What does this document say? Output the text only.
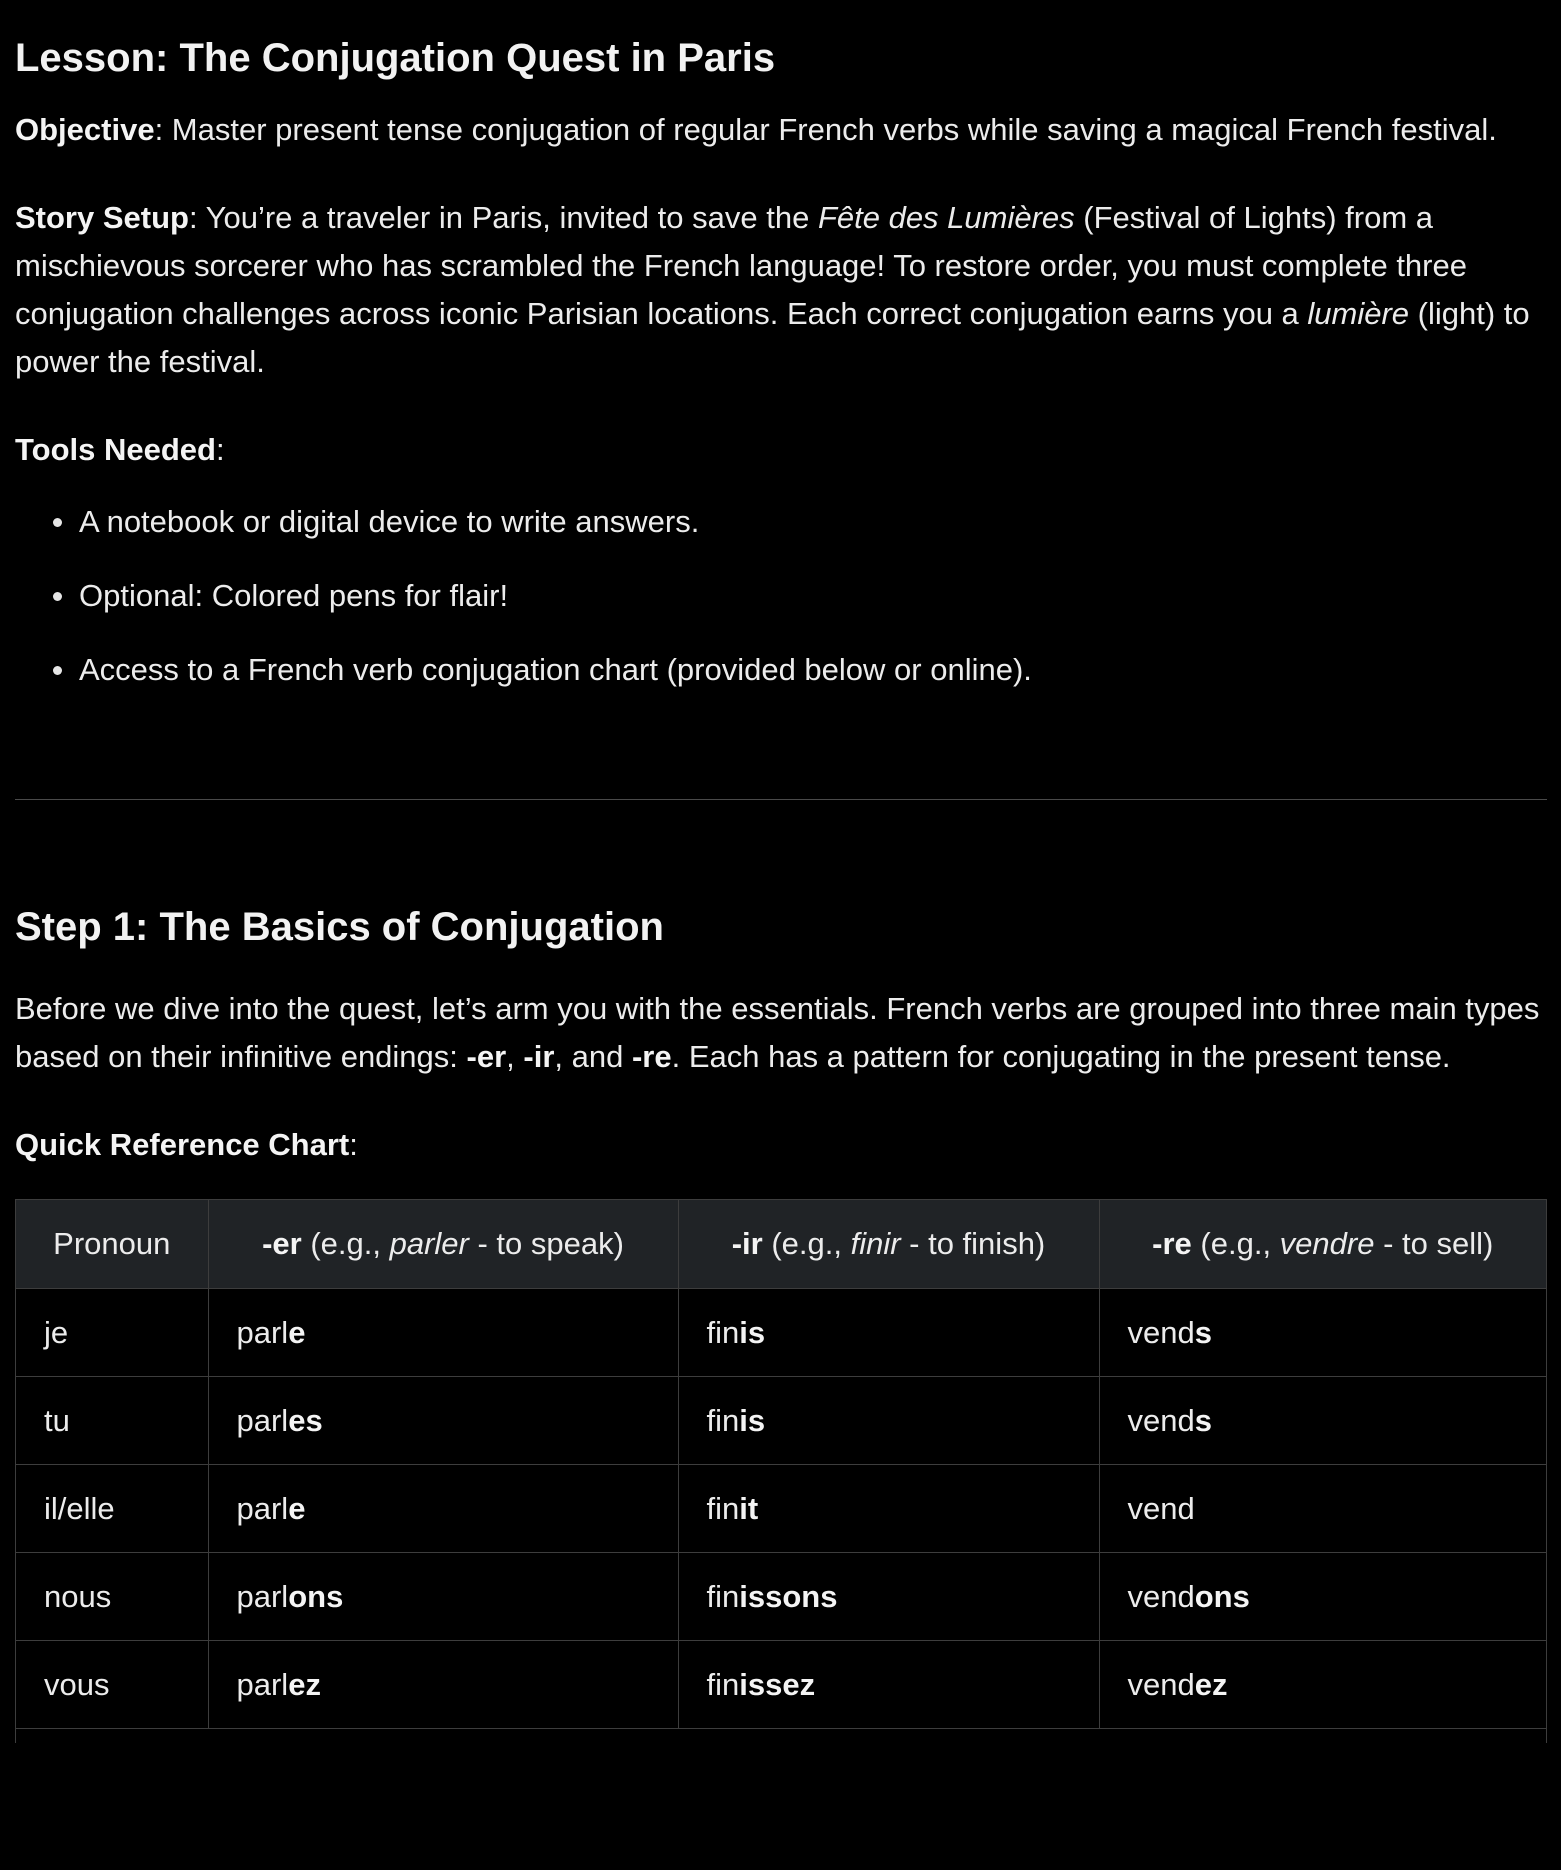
Lesson: The Conjugation Quest in Paris

Objective: Master present tense conjugation of regular French verbs while saving a magical French festival.

Story Setup: You’re a traveler in Paris, invited to save the Fête des Lumières (Festival of Lights) from a mischievous sorcerer who has scrambled the French language! To restore order, you must complete three conjugation challenges across iconic Parisian locations. Each correct conjugation earns you a lumière (light) to power the festival.

Tools Needed:

A notebook or digital device to write answers.
Optional: Colored pens for flair!
Access to a French verb conjugation chart (provided below or online).
Step 1: The Basics of Conjugation

Before we dive into the quest, let’s arm you with the essentials. French verbs are grouped into three main types based on their infinitive endings: -er, -ir, and -re. Each has a pattern for conjugating in the present tense.

Quick Reference Chart:

Pronoun	-er (e.g., parler - to speak)	-ir (e.g., finir - to finish)	-re (e.g., vendre - to sell)
je	parle	finis	vends
tu	parles	finis	vends
il/elle	parle	finit	vend
nous	parlons	finissons	vendons
vous	parlez	finissez	vendez
